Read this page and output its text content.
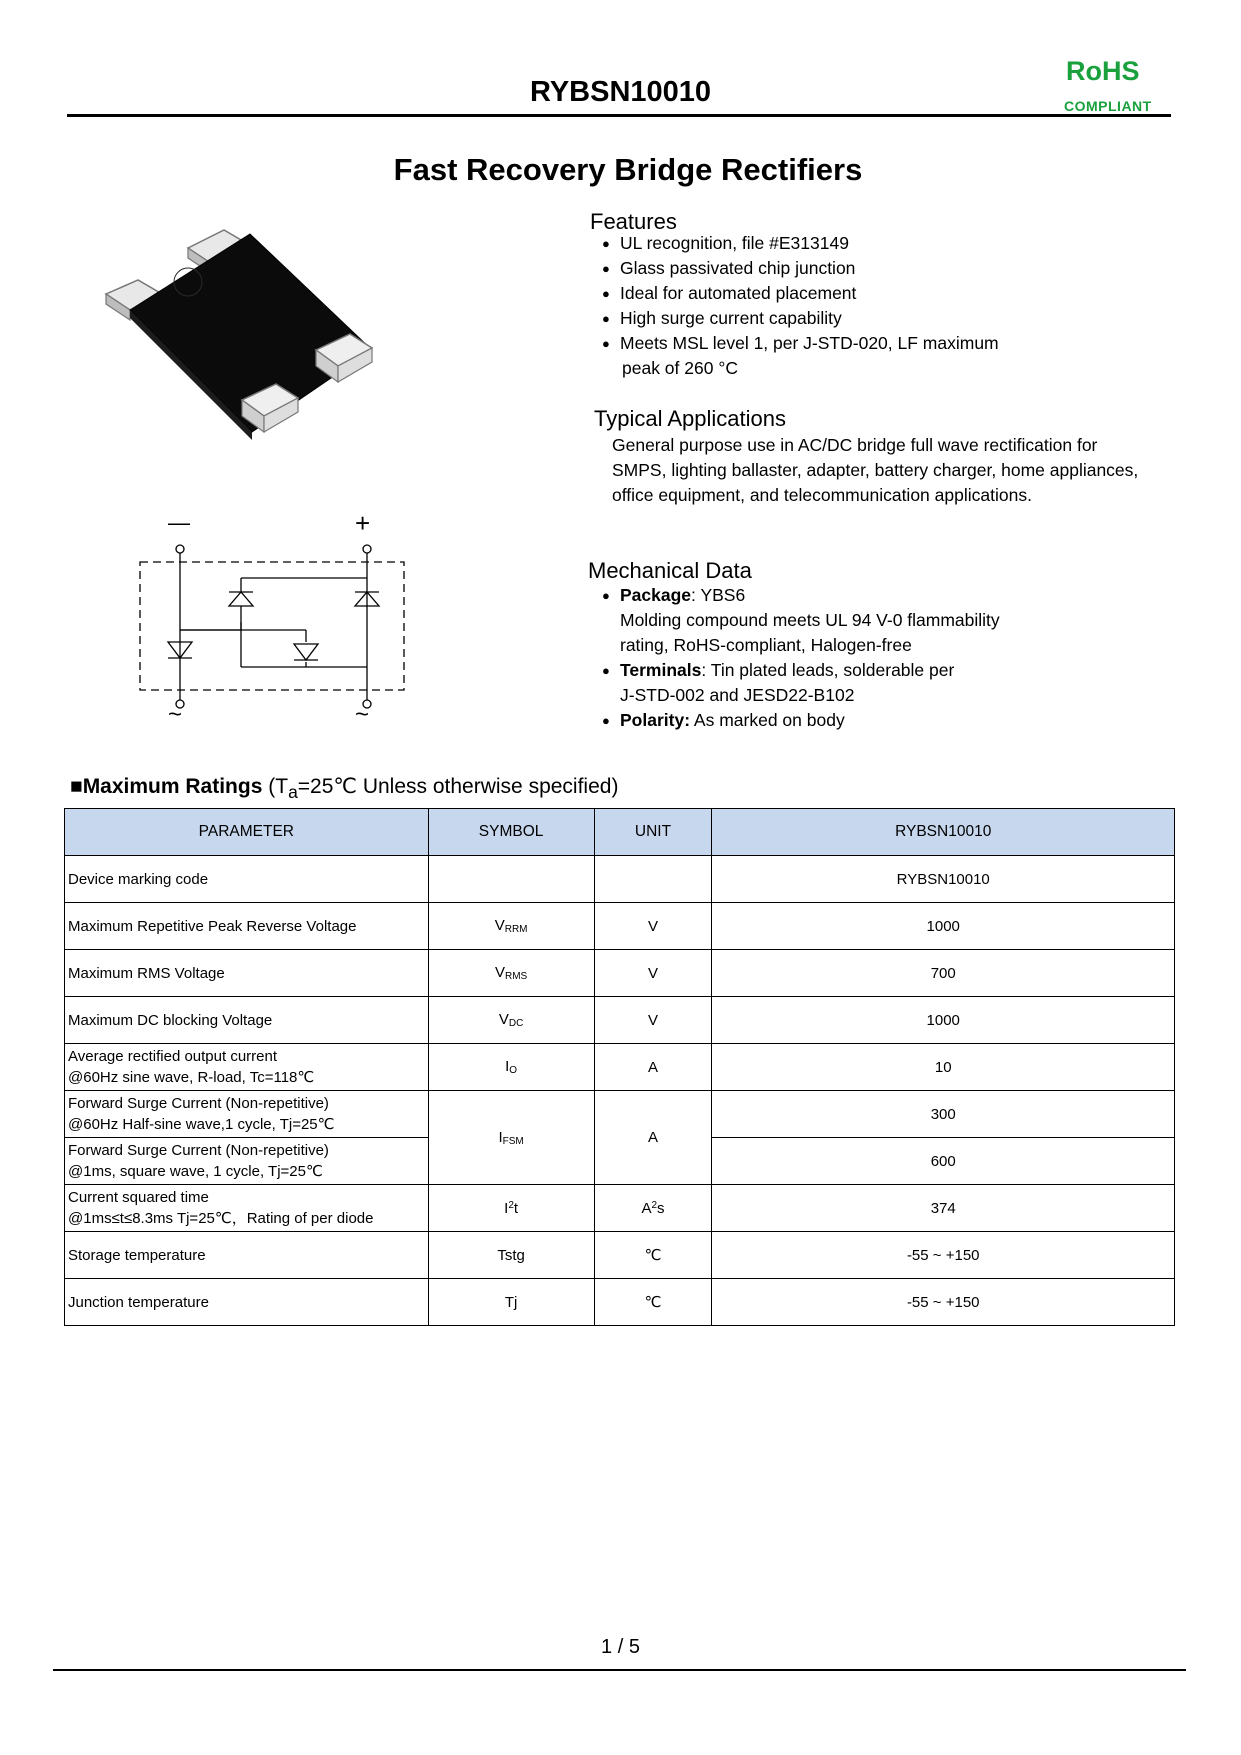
RYBSN10010
RoHS
COMPLIANT
Fast Recovery Bridge Rectifiers
—	+
~	~
Features
● UL recognition, file #E313149
● Glass passivated chip junction
● Ideal for automated placement
● High surge current capability
● Meets MSL level 1, per J-STD-020, LF maximum
peak of 260 °C
Typical Applications
General purpose use in AC/DC bridge full wave rectification for SMPS, lighting ballaster, adapter, battery charger, home appliances, office equipment, and telecommunication applications.
Mechanical Data
● Package: YBS6
Molding compound meets UL 94 V-0 flammability
rating, RoHS-compliant, Halogen-free
● Terminals: Tin plated leads, solderable per
J-STD-002 and JESD22-B102
● Polarity: As marked on body
■Maximum Ratings ($T_a=25℃$ Unless otherwise specified)
PARAMETER	SYMBOL	UNIT	RYBSN10010
Device marking code			RYBSN10010
Maximum Repetitive Peak Reverse Voltage	$V_{RRM}$	V	1000
Maximum RMS Voltage	$V_{RMS}$	V	700
Maximum DC blocking Voltage	$V_{DC}$	V	1000
Average rectified output current
@60Hz sine wave, R-load, Tc=118℃	$I_O$	A	10
Forward Surge Current (Non-repetitive)
@60Hz Half-sine wave,1 cycle, Tj=25℃	$I_{FSM}$	A	300
Forward Surge Current (Non-repetitive)
@1ms, square wave, 1 cycle, Tj=25℃			600
Current squared time
@1ms≤t≤8.3ms Tj=25℃，Rating of per diode	$I^2t$	$A^2s$	374
Storage temperature	Tstg	℃	-55 ~ +150
Junction temperature	Tj	℃	-55 ~ +150
1 / 5
